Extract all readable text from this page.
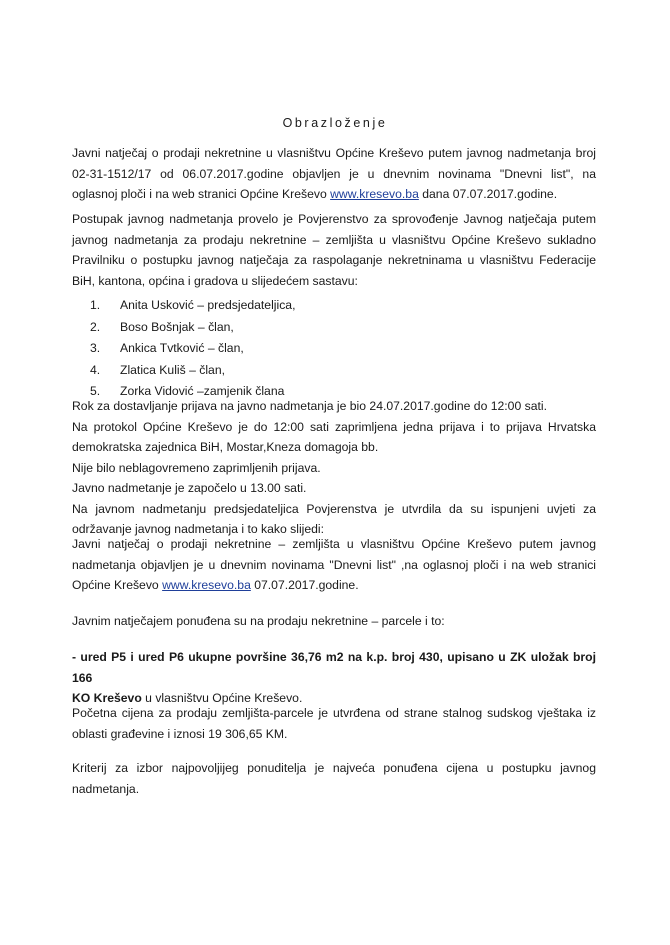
Obrazloženje
Javni natječaj o prodaji nekretnine u vlasništvu Općine Kreševo putem javnog nadmetanja broj
02-31-1512/17 od 06.07.2017.godine objavljen je u dnevnim novinama "Dnevni list", na
oglasnoj ploči i na web stranici Općine Kreševo www.kresevo.ba dana 07.07.2017.godine.
Postupak javnog nadmetanja provelo je Povjerenstvo za sprovođenje Javnog natječaja putem
javnog nadmetanja za prodaju nekretnine – zemljišta u vlasništvu Općine Kreševo sukladno
Pravilniku o postupku javnog natječaja za raspolaganje nekretninama u vlasništvu Federacije
BiH, kantona, općina i gradova u slijedećem sastavu:
1. Anita Usković – predsjedateljica,
2. Boso Bošnjak – član,
3. Ankica Tvtković – član,
4. Zlatica Kuliš – član,
5. Zorka Vidović –zamjenik člana
Rok za dostavljanje prijava na javno nadmetanja je bio 24.07.2017.godine do 12:00 sati.
Na protokol Općine Kreševo je do 12:00 sati zaprimljena jedna prijava i to prijava Hrvatska
demokratska zajednica BiH, Mostar,Kneza domagoja bb.
Nije bilo neblagovremeno zaprimljenih prijava.
Javno nadmetanje je započelo u 13.00 sati.
Na javnom nadmetanju predsjedateljica Povjerenstva je utvrdila da su ispunjeni uvjeti za
održavanje javnog nadmetanja i to kako slijedi:
Javni natječaj o prodaji nekretnine – zemljišta u vlasništvu Općine Kreševo putem javnog
nadmetanja objavljen je u dnevnim novinama "Dnevni list" ,na oglasnoj ploči i na web stranici
Općine Kreševo www.kresevo.ba 07.07.2017.godine.
Javnim natječajem ponuđena su na prodaju nekretnine – parcele i to:
- ured P5 i ured P6 ukupne površine 36,76 m2 na k.p. broj 430, upisano u ZK uložak broj 166
KO Kreševo u vlasništvu Općine Kreševo.
Početna cijena za prodaju zemljišta-parcele je utvrđena od strane stalnog sudskog vještaka iz
oblasti građevine i iznosi 19 306,65 KM.
Kriterij za izbor najpovoljijeg ponuditelja je najveća ponuđena cijena u postupku javnog
nadmetanja.
